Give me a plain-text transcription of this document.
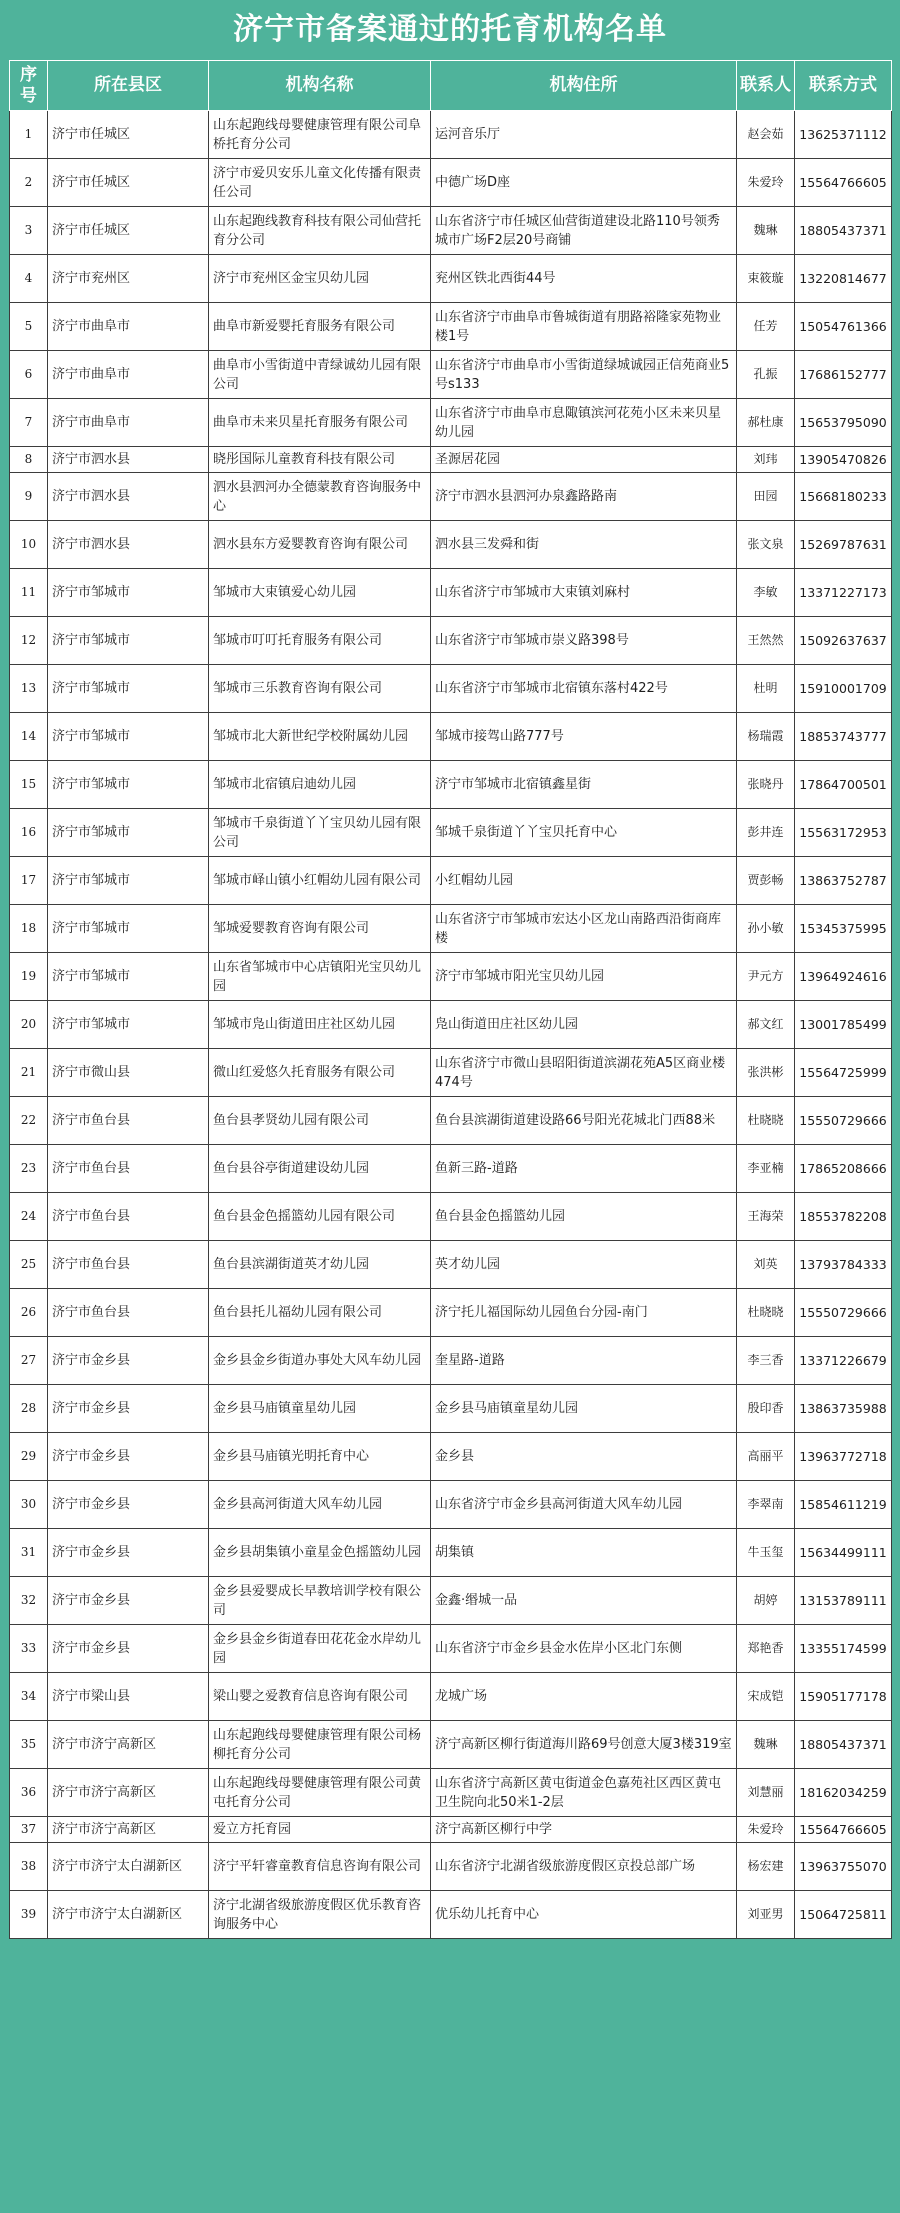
济宁市备案通过的托育机构名单
序号	所在县区	机构名称	机构住所	联系人	联系方式
1	济宁市任城区	山东起跑线母婴健康管理有限公司阜桥托育分公司	运河音乐厅	赵会茹	13625371112
2	济宁市任城区	济宁市爱贝安乐儿童文化传播有限责任公司	中德广场D座	朱爱玲	15564766605
3	济宁市任城区	山东起跑线教育科技有限公司仙营托育分公司	山东省济宁市任城区仙营街道建设北路110号领秀城市广场F2层20号商铺	魏琳	18805437371
4	济宁市兖州区	济宁市兖州区金宝贝幼儿园	兖州区铁北西街44号	束筱璇	13220814677
5	济宁市曲阜市	曲阜市新爱婴托育服务有限公司	山东省济宁市曲阜市鲁城街道有朋路裕隆家苑物业楼1号	任芳	15054761366
6	济宁市曲阜市	曲阜市小雪街道中青绿诚幼儿园有限公司	山东省济宁市曲阜市小雪街道绿城诚园正信苑商业5号s133	孔振	17686152777
7	济宁市曲阜市	曲阜市未来贝星托育服务有限公司	山东省济宁市曲阜市息陬镇滨河花苑小区未来贝星幼儿园	郝杜康	15653795090
8	济宁市泗水县	晓彤国际儿童教育科技有限公司	圣源居花园	刘玮	13905470826
9	济宁市泗水县	泗水县泗河办全德蒙教育咨询服务中心	济宁市泗水县泗河办泉鑫路路南	田园	15668180233
10	济宁市泗水县	泗水县东方爱婴教育咨询有限公司	泗水县三发舜和街	张文泉	15269787631
11	济宁市邹城市	邹城市大束镇爱心幼儿园	山东省济宁市邹城市大束镇刘麻村	李敏	13371227173
12	济宁市邹城市	邹城市叮叮托育服务有限公司	山东省济宁市邹城市崇义路398号	王然然	15092637637
13	济宁市邹城市	邹城市三乐教育咨询有限公司	山东省济宁市邹城市北宿镇东落村422号	杜明	15910001709
14	济宁市邹城市	邹城市北大新世纪学校附属幼儿园	邹城市接驾山路777号	杨瑞霞	18853743777
15	济宁市邹城市	邹城市北宿镇启迪幼儿园	济宁市邹城市北宿镇鑫星街	张晓丹	17864700501
16	济宁市邹城市	邹城市千泉街道丫丫宝贝幼儿园有限公司	邹城千泉街道丫丫宝贝托育中心	彭井连	15563172953
17	济宁市邹城市	邹城市峄山镇小红帽幼儿园有限公司	小红帽幼儿园	贾彭畅	13863752787
18	济宁市邹城市	邹城爱婴教育咨询有限公司	山东省济宁市邹城市宏达小区龙山南路西沿街商库楼	孙小敏	15345375995
19	济宁市邹城市	山东省邹城市中心店镇阳光宝贝幼儿园	济宁市邹城市阳光宝贝幼儿园	尹元方	13964924616
20	济宁市邹城市	邹城市凫山街道田庄社区幼儿园	凫山街道田庄社区幼儿园	郝文红	13001785499
21	济宁市微山县	微山红爱悠久托育服务有限公司	山东省济宁市微山县昭阳街道滨湖花苑A5区商业楼474号	张洪彬	15564725999
22	济宁市鱼台县	鱼台县孝贤幼儿园有限公司	鱼台县滨湖街道建设路66号阳光花城北门西88米	杜晓晓	15550729666
23	济宁市鱼台县	鱼台县谷亭街道建设幼儿园	鱼新三路-道路	李亚楠	17865208666
24	济宁市鱼台县	鱼台县金色摇篮幼儿园有限公司	鱼台县金色摇篮幼儿园	王海荣	18553782208
25	济宁市鱼台县	鱼台县滨湖街道英才幼儿园	英才幼儿园	刘英	13793784333
26	济宁市鱼台县	鱼台县托儿福幼儿园有限公司	济宁托儿福国际幼儿园鱼台分园-南门	杜晓晓	15550729666
27	济宁市金乡县	金乡县金乡街道办事处大风车幼儿园	奎星路-道路	李三香	13371226679
28	济宁市金乡县	金乡县马庙镇童星幼儿园	金乡县马庙镇童星幼儿园	殷印香	13863735988
29	济宁市金乡县	金乡县马庙镇光明托育中心	金乡县	高丽平	13963772718
30	济宁市金乡县	金乡县高河街道大风车幼儿园	山东省济宁市金乡县高河街道大风车幼儿园	李翠南	15854611219
31	济宁市金乡县	金乡县胡集镇小童星金色摇篮幼儿园	胡集镇	牛玉玺	15634499111
32	济宁市金乡县	金乡县爱婴成长早教培训学校有限公司	金鑫·缗城一品	胡婷	13153789111
33	济宁市金乡县	金乡县金乡街道春田花花金水岸幼儿园	山东省济宁市金乡县金水佐岸小区北门东侧	郑艳香	13355174599
34	济宁市梁山县	梁山婴之爱教育信息咨询有限公司	龙城广场	宋成铠	15905177178
35	济宁市济宁高新区	山东起跑线母婴健康管理有限公司杨柳托育分公司	济宁高新区柳行街道海川路69号创意大厦3楼319室	魏琳	18805437371
36	济宁市济宁高新区	山东起跑线母婴健康管理有限公司黄屯托育分公司	山东省济宁高新区黄屯街道金色嘉苑社区西区黄屯卫生院向北50米1-2层	刘慧丽	18162034259
37	济宁市济宁高新区	爱立方托育园	济宁高新区柳行中学	朱爱玲	15564766605
38	济宁市济宁太白湖新区	济宁平轩睿童教育信息咨询有限公司	山东省济宁北湖省级旅游度假区京投总部广场	杨宏建	13963755070
39	济宁市济宁太白湖新区	济宁北湖省级旅游度假区优乐教育咨询服务中心	优乐幼儿托育中心	刘亚男	15064725811
